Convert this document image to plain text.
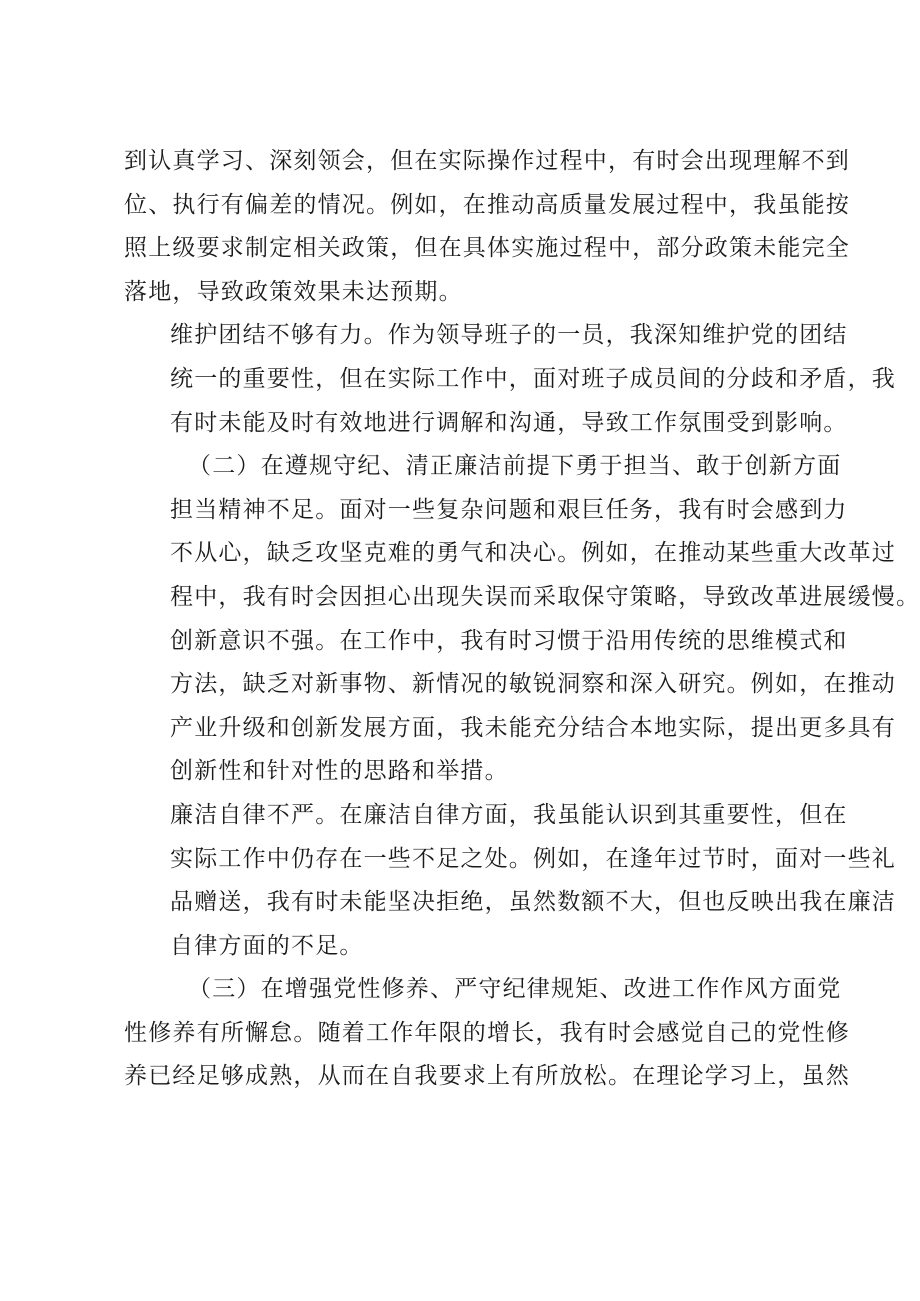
到认真学习、深刻领会，但在实际操作过程中，有时会出现理解不到
位、执行有偏差的情况。例如，在推动高质量发展过程中，我虽能按
照上级要求制定相关政策，但在具体实施过程中，部分政策未能完全
落地，导致政策效果未达预期。

维护团结不够有力。作为领导班子的一员，我深知维护党的团结
统一的重要性，但在实际工作中，面对班子成员间的分歧和矛盾，我
有时未能及时有效地进行调解和沟通，导致工作氛围受到影响。

（二）在遵规守纪、清正廉洁前提下勇于担当、敢于创新方面

担当精神不足。面对一些复杂问题和艰巨任务，我有时会感到力
不从心，缺乏攻坚克难的勇气和决心。例如，在推动某些重大改革过
程中，我有时会因担心出现失误而采取保守策略，导致改革进展缓慢。

创新意识不强。在工作中，我有时习惯于沿用传统的思维模式和
方法，缺乏对新事物、新情况的敏锐洞察和深入研究。例如，在推动
产业升级和创新发展方面，我未能充分结合本地实际，提出更多具有
创新性和针对性的思路和举措。

廉洁自律不严。在廉洁自律方面，我虽能认识到其重要性，但在
实际工作中仍存在一些不足之处。例如，在逢年过节时，面对一些礼
品赠送，我有时未能坚决拒绝，虽然数额不大，但也反映出我在廉洁
自律方面的不足。

（三）在增强党性修养、严守纪律规矩、改进工作作风方面党
性修养有所懈怠。随着工作年限的增长，我有时会感觉自己的党性修
养已经足够成熟，从而在自我要求上有所放松。在理论学习上，虽然
